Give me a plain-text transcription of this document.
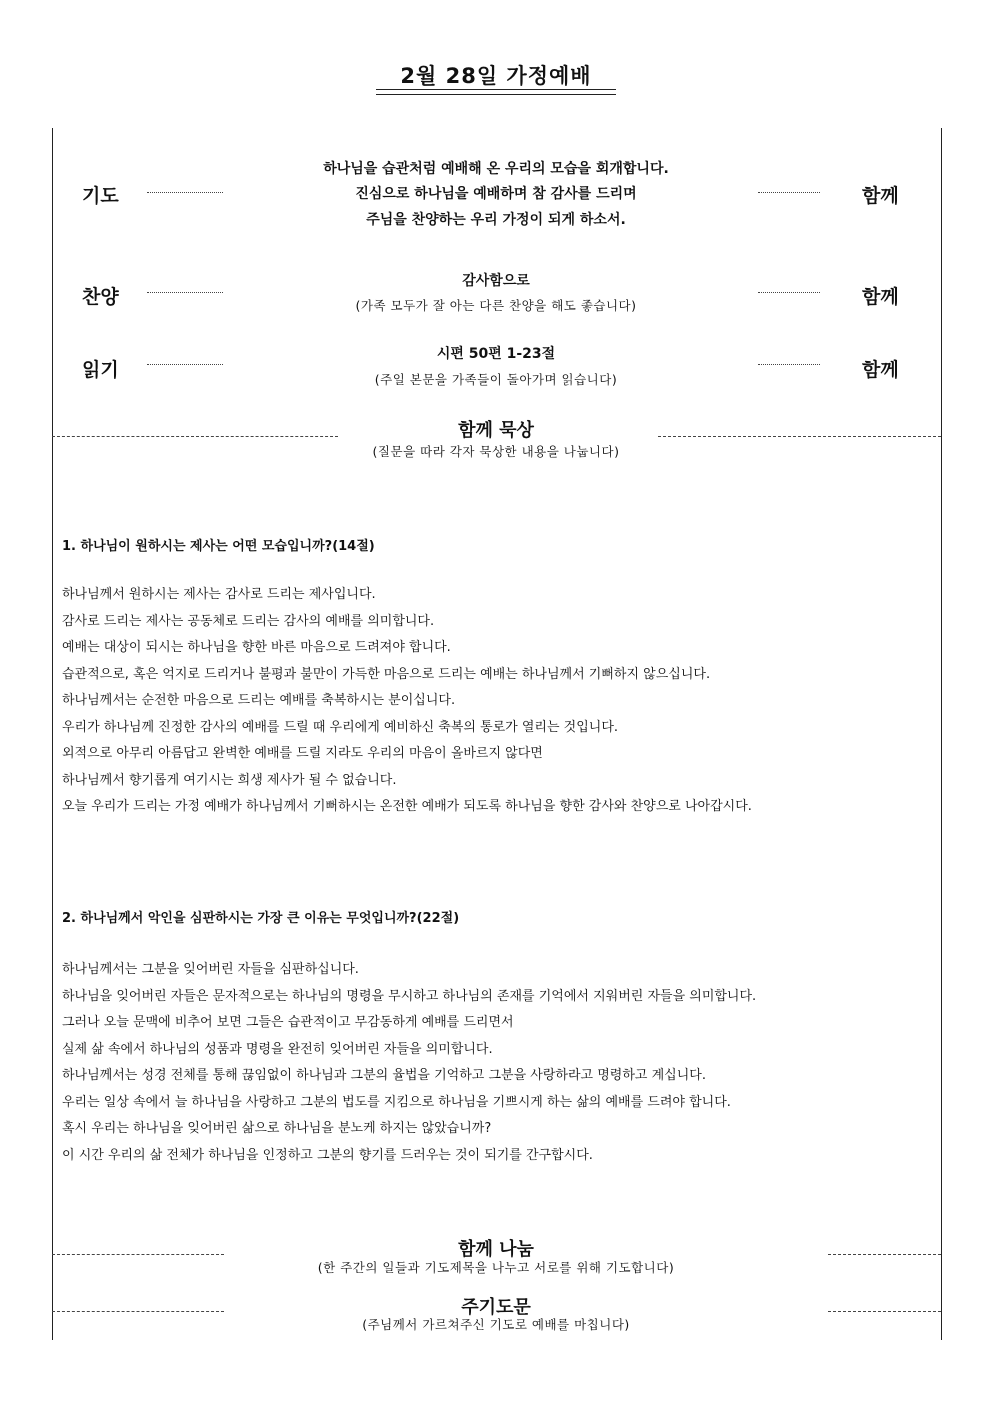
2월 28일 가정예배
기도
하나님을 습관처럼 예배해 온 우리의 모습을 회개합니다.
진심으로 하나님을 예배하며 참 감사를 드리며
주님을 찬양하는 우리 가정이 되게 하소서.
함께
찬양
감사함으로
(가족 모두가 잘 아는 다른 찬양을 해도 좋습니다)	함께
읽기
시편 50편 1-23절
(주일 본문을 가족들이 돌아가며 읽습니다)	함께
함께 묵상
(질문을 따라 각자 묵상한 내용을 나눕니다)
1. 하나님이 원하시는 제사는 어떤 모습입니까?(14절)
하나님께서 원하시는 제사는 감사로 드리는 제사입니다.
감사로 드리는 제사는 공동체로 드리는 감사의 예배를 의미합니다.
예배는 대상이 되시는 하나님을 향한 바른 마음으로 드려져야 합니다.
습관적으로, 혹은 억지로 드리거나 불평과 불만이 가득한 마음으로 드리는 예배는 하나님께서 기뻐하지 않으십니다.
하나님께서는 순전한 마음으로 드리는 예배를 축복하시는 분이십니다.
우리가 하나님께 진정한 감사의 예배를 드릴 때 우리에게 예비하신 축복의 통로가 열리는 것입니다.
외적으로 아무리 아름답고 완벽한 예배를 드릴 지라도 우리의 마음이 올바르지 않다면
하나님께서 향기롭게 여기시는 희생 제사가 될 수 없습니다.
오늘 우리가 드리는 가정 예배가 하나님께서 기뻐하시는 온전한 예배가 되도록 하나님을 향한 감사와 찬양으로 나아갑시다.
2. 하나님께서 악인을 심판하시는 가장 큰 이유는 무엇입니까?(22절)
하나님께서는 그분을 잊어버린 자들을 심판하십니다.
하나님을 잊어버린 자들은 문자적으로는 하나님의 명령을 무시하고 하나님의 존재를 기억에서 지워버린 자들을 의미합니다.
그러나 오늘 문맥에 비추어 보면 그들은 습관적이고 무감동하게 예배를 드리면서
실제 삶 속에서 하나님의 성품과 명령을 완전히 잊어버린 자들을 의미합니다.
하나님께서는 성경 전체를 통해 끊임없이 하나님과 그분의 율법을 기억하고 그분을 사랑하라고 명령하고 계십니다.
우리는 일상 속에서 늘 하나님을 사랑하고 그분의 법도를 지킴으로 하나님을 기쁘시게 하는 삶의 예배를 드려야 합니다.
혹시 우리는 하나님을 잊어버린 삶으로 하나님을 분노케 하지는 않았습니까?
이 시간 우리의 삶 전체가 하나님을 인정하고 그분의 향기를 드러우는 것이 되기를 간구합시다.
함께 나눔
(한 주간의 일들과 기도제목을 나누고 서로를 위해 기도합니다)
주기도문
(주님께서 가르쳐주신 기도로 예배를 마칩니다)
